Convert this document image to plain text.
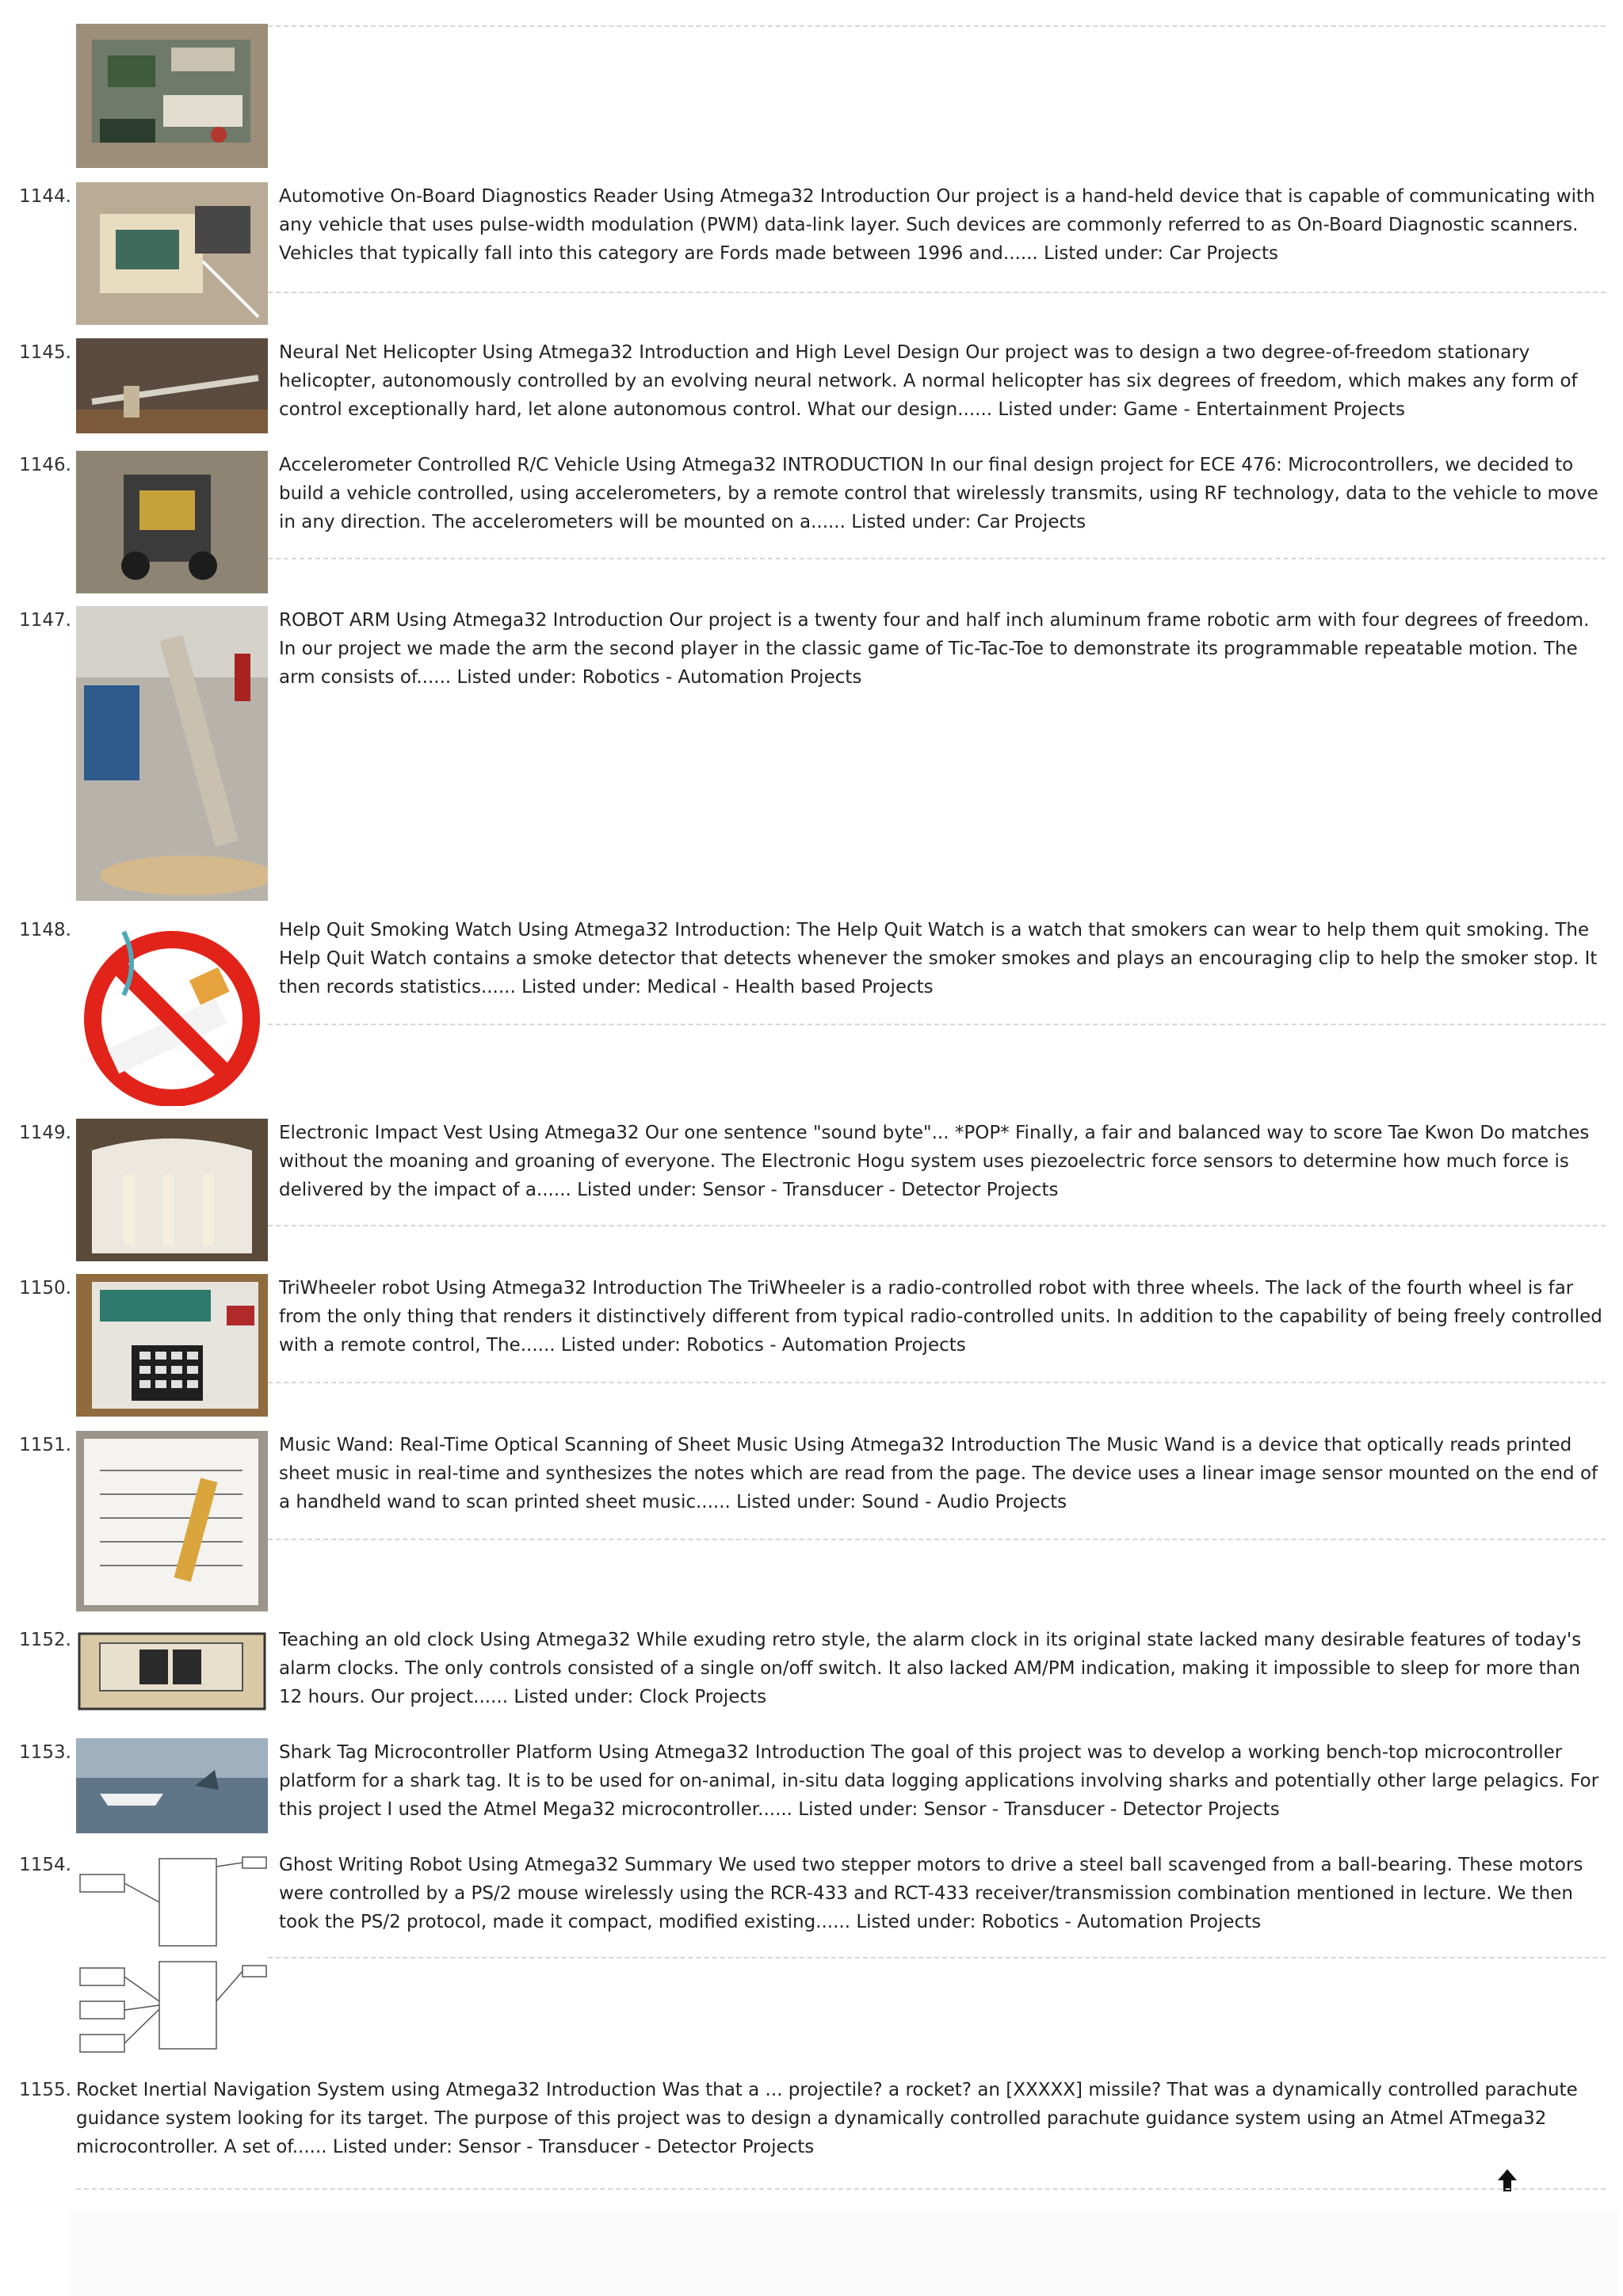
1144.	Automotive On-Board Diagnostics Reader Using Atmega32 Introduction Our project is a hand-held device that is capable of communicating with any vehicle that uses pulse-width modulation (PWM) data-link layer. Such devices are commonly referred to as On-Board Diagnostic scanners. Vehicles that typically fall into this category are Fords made between 1996 and...... Listed under: Car Projects

1145.	Neural Net Helicopter Using Atmega32 Introduction and High Level Design Our project was to design a two degree-of-freedom stationary helicopter, autonomously controlled by an evolving neural network. A normal helicopter has six degrees of freedom, which makes any form of control exceptionally hard, let alone autonomous control. What our design...... Listed under: Game - Entertainment Projects

1146.	Accelerometer Controlled R/C Vehicle Using Atmega32 INTRODUCTION In our final design project for ECE 476: Microcontrollers, we decided to build a vehicle controlled, using accelerometers, by a remote control that wirelessly transmits, using RF technology, data to the vehicle to move in any direction. The accelerometers will be mounted on a...... Listed under: Car Projects

1147.	ROBOT ARM Using Atmega32 Introduction Our project is a twenty four and half inch aluminum frame robotic arm with four degrees of freedom. In our project we made the arm the second player in the classic game of Tic-Tac-Toe to demonstrate its programmable repeatable motion. The arm consists of...... Listed under: Robotics - Automation Projects

1148.	Help Quit Smoking Watch Using Atmega32 Introduction: The Help Quit Watch is a watch that smokers can wear to help them quit smoking. The Help Quit Watch contains a smoke detector that detects whenever the smoker smokes and plays an encouraging clip to help the smoker stop. It then records statistics...... Listed under: Medical - Health based Projects

1149.	Electronic Impact Vest Using Atmega32 Our one sentence "sound byte"... *POP* Finally, a fair and balanced way to score Tae Kwon Do matches without the moaning and groaning of everyone. The Electronic Hogu system uses piezoelectric force sensors to determine how much force is delivered by the impact of a...... Listed under: Sensor - Transducer - Detector Projects

1150.	TriWheeler robot Using Atmega32 Introduction The TriWheeler is a radio-controlled robot with three wheels. The lack of the fourth wheel is far from the only thing that renders it distinctively different from typical radio-controlled units. In addition to the capability of being freely controlled with a remote control, The...... Listed under: Robotics - Automation Projects

1151.	Music Wand: Real-Time Optical Scanning of Sheet Music Using Atmega32 Introduction The Music Wand is a device that optically reads printed sheet music in real-time and synthesizes the notes which are read from the page. The device uses a linear image sensor mounted on the end of a handheld wand to scan printed sheet music...... Listed under: Sound - Audio Projects

1152.	Teaching an old clock Using Atmega32 While exuding retro style, the alarm clock in its original state lacked many desirable features of today's alarm clocks. The only controls consisted of a single on/off switch. It also lacked AM/PM indication, making it impossible to sleep for more than 12 hours. Our project...... Listed under: Clock Projects

1153.	Shark Tag Microcontroller Platform Using Atmega32 Introduction The goal of this project was to develop a working bench-top microcontroller platform for a shark tag. It is to be used for on-animal, in-situ data logging applications involving sharks and potentially other large pelagics. For this project I used the Atmel Mega32 microcontroller...... Listed under: Sensor - Transducer - Detector Projects

1154.	Ghost Writing Robot Using Atmega32 Summary We used two stepper motors to drive a steel ball scavenged from a ball-bearing. These motors were controlled by a PS/2 mouse wirelessly using the RCR-433 and RCT-433 receiver/transmission combination mentioned in lecture. We then took the PS/2 protocol, made it compact, modified existing...... Listed under: Robotics - Automation Projects

1155. Rocket Inertial Navigation System using Atmega32 Introduction Was that a ... projectile? a rocket? an [XXXXX] missile? That was a dynamically controlled parachute guidance system looking for its target. The purpose of this project was to design a dynamically controlled parachute guidance system using an Atmel ATmega32 microcontroller. A set of...... Listed under: Sensor - Transducer - Detector Projects
